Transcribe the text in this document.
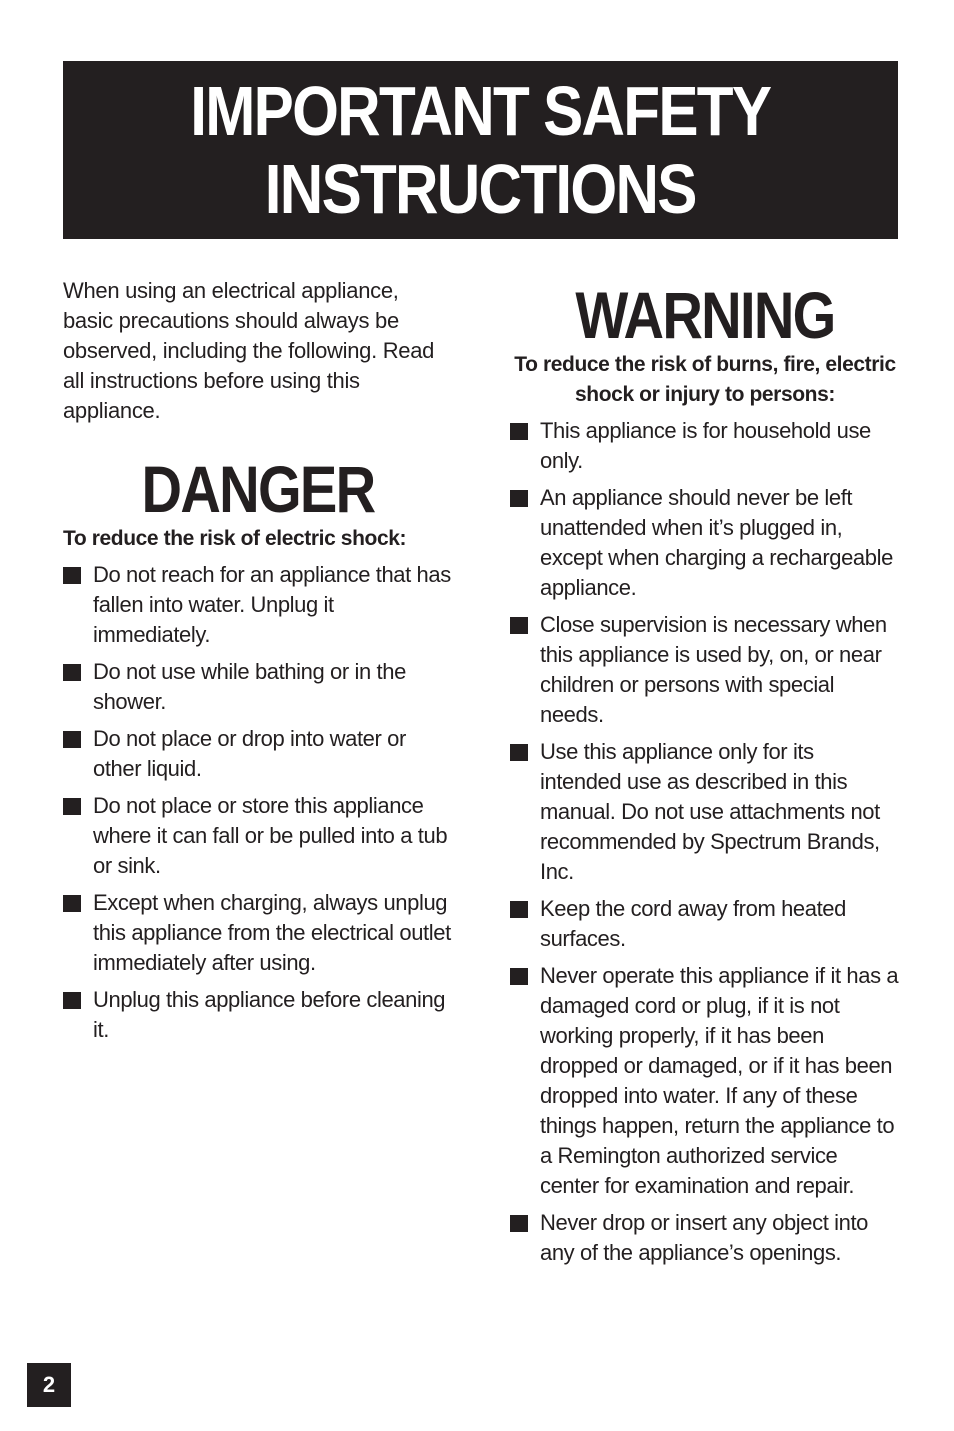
IMPORTANT SAFETY
INSTRUCTIONS

When using an electrical appliance, basic precautions should always be observed, including the following. Read all instructions before using this appliance.

DANGER
To reduce the risk of electric shock:
Do not reach for an appliance that has fallen into water. Unplug it immediately.
Do not use while bathing or in the shower.
Do not place or drop into water or other liquid.
Do not place or store this appliance where it can fall or be pulled into a tub or sink.
Except when charging, always unplug this appliance from the electrical outlet immediately after using.
Unplug this appliance before cleaning it.
WARNING
To reduce the risk of burns, fire, electric shock or injury to persons:
This appliance is for household use only.
An appliance should never be left unattended when it’s plugged in, except when charging a rechargeable appliance.
Close supervision is necessary when this appliance is used by, on, or near children or persons with special needs.
Use this appliance only for its intended use as described in this manual. Do not use attachments not recommended by Spectrum Brands, Inc.
Keep the cord away from heated surfaces.
Never operate this appliance if it has a damaged cord or plug, if it is not working properly, if it has been dropped or damaged, or if it has been dropped into water. If any of these things happen, return the appliance to a Remington authorized service center for examination and repair.
Never drop or insert any object into any of the appliance’s openings.
2
